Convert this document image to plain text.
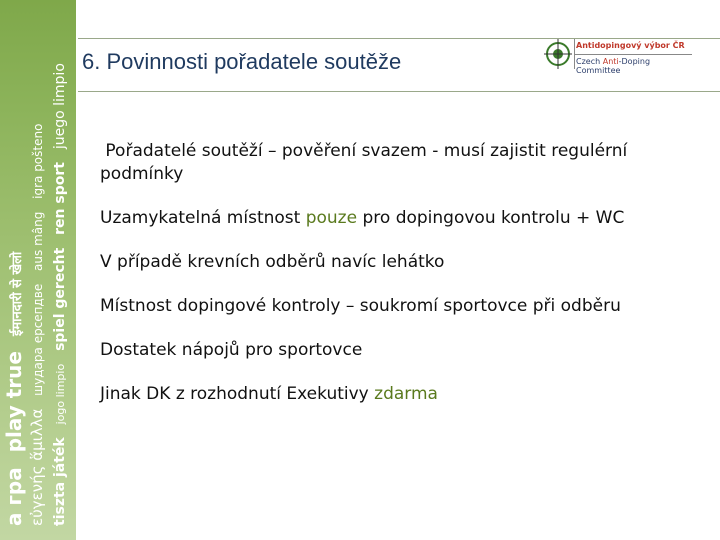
a гра play true ईमानदारी से खेलो
εὐγενής ἅμιλλα шудара ерсепдве aus mâng igra pošteno
tiszta játék jogo limpio spiel gerecht ren sport juego limpio
6. Povinnosti pořadatele soutěže
Antidopingový výbor ČR
Czech Anti-Doping Committee
Pořadatelé soutěží – pověření svazem - musí zajistit regulérní podmínky
Uzamykatelná místnost pouze pro dopingovou kontrolu + WC
V případě krevních odběrů navíc lehátko
Místnost dopingové kontroly – soukromí sportovce při odběru
Dostatek nápojů pro sportovce
Jinak DK z rozhodnutí Exekutivy zdarma
